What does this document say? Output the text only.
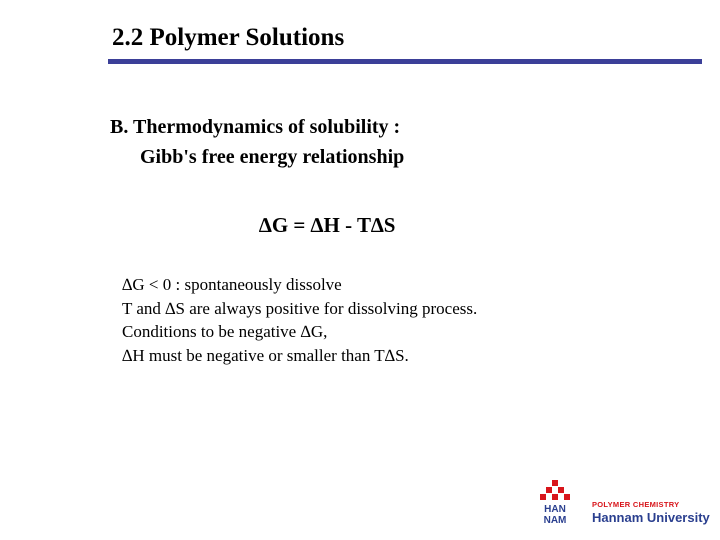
2.2 Polymer Solutions
B. Thermodynamics of solubility :
Gibb's free energy relationship
∆G = ∆H - T∆S
∆G < 0 : spontaneously dissolve
T and ∆S are always positive for dissolving process.
Conditions to be negative ∆G,
∆H must be negative or smaller than T∆S.
HAN
NAM
POLYMER CHEMISTRY
Hannam University
